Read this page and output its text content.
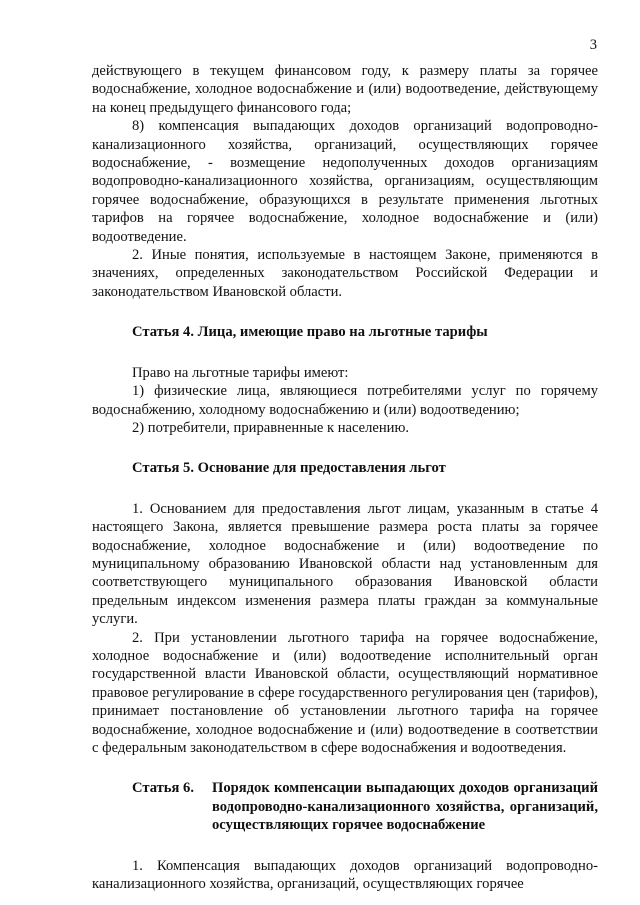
3

действующего в текущем финансовом году, к размеру платы за горячее водоснабжение, холодное водоснабжение и (или) водоотведение, действующему на конец предыдущего финансового года;

8) компенсация выпадающих доходов организаций водопроводно-канализационного хозяйства, организаций, осуществляющих горячее водоснабжение, - возмещение недополученных доходов организациям водопроводно-канализационного хозяйства, организациям, осуществляющим горячее водоснабжение, образующихся в результате применения льготных тарифов на горячее водоснабжение, холодное водоснабжение и (или) водоотведение.

2. Иные понятия, используемые в настоящем Законе, применяются в значениях, определенных законодательством Российской Федерации и законодательством Ивановской области.

Статья 4. Лица, имеющие право на льготные тарифы

Право на льготные тарифы имеют:

1) физические лица, являющиеся потребителями услуг по горячему водоснабжению, холодному водоснабжению и (или) водоотведению;

2) потребители, приравненные к населению.

Статья 5. Основание для предоставления льгот

1. Основанием для предоставления льгот лицам, указанным в статье 4 настоящего Закона, является превышение размера роста платы за горячее водоснабжение, холодное водоснабжение и (или) водоотведение по муниципальному образованию Ивановской области над установленным для соответствующего муниципального образования Ивановской области предельным индексом изменения размера платы граждан за коммунальные услуги.

2. При установлении льготного тарифа на горячее водоснабжение, холодное водоснабжение и (или) водоотведение исполнительный орган государственной власти Ивановской области, осуществляющий нормативное правовое регулирование в сфере государственного регулирования цен (тарифов), принимает постановление об установлении льготного тарифа на горячее водоснабжение, холодное водоснабжение и (или) водоотведение в соответствии с федеральным законодательством в сфере водоснабжения и водоотведения.

Статья 6.	Порядок компенсации выпадающих доходов организаций водопроводно-канализационного хозяйства, организаций, осуществляющих горячее водоснабжение

1. Компенсация выпадающих доходов организаций водопроводно-канализационного хозяйства, организаций, осуществляющих горячее
